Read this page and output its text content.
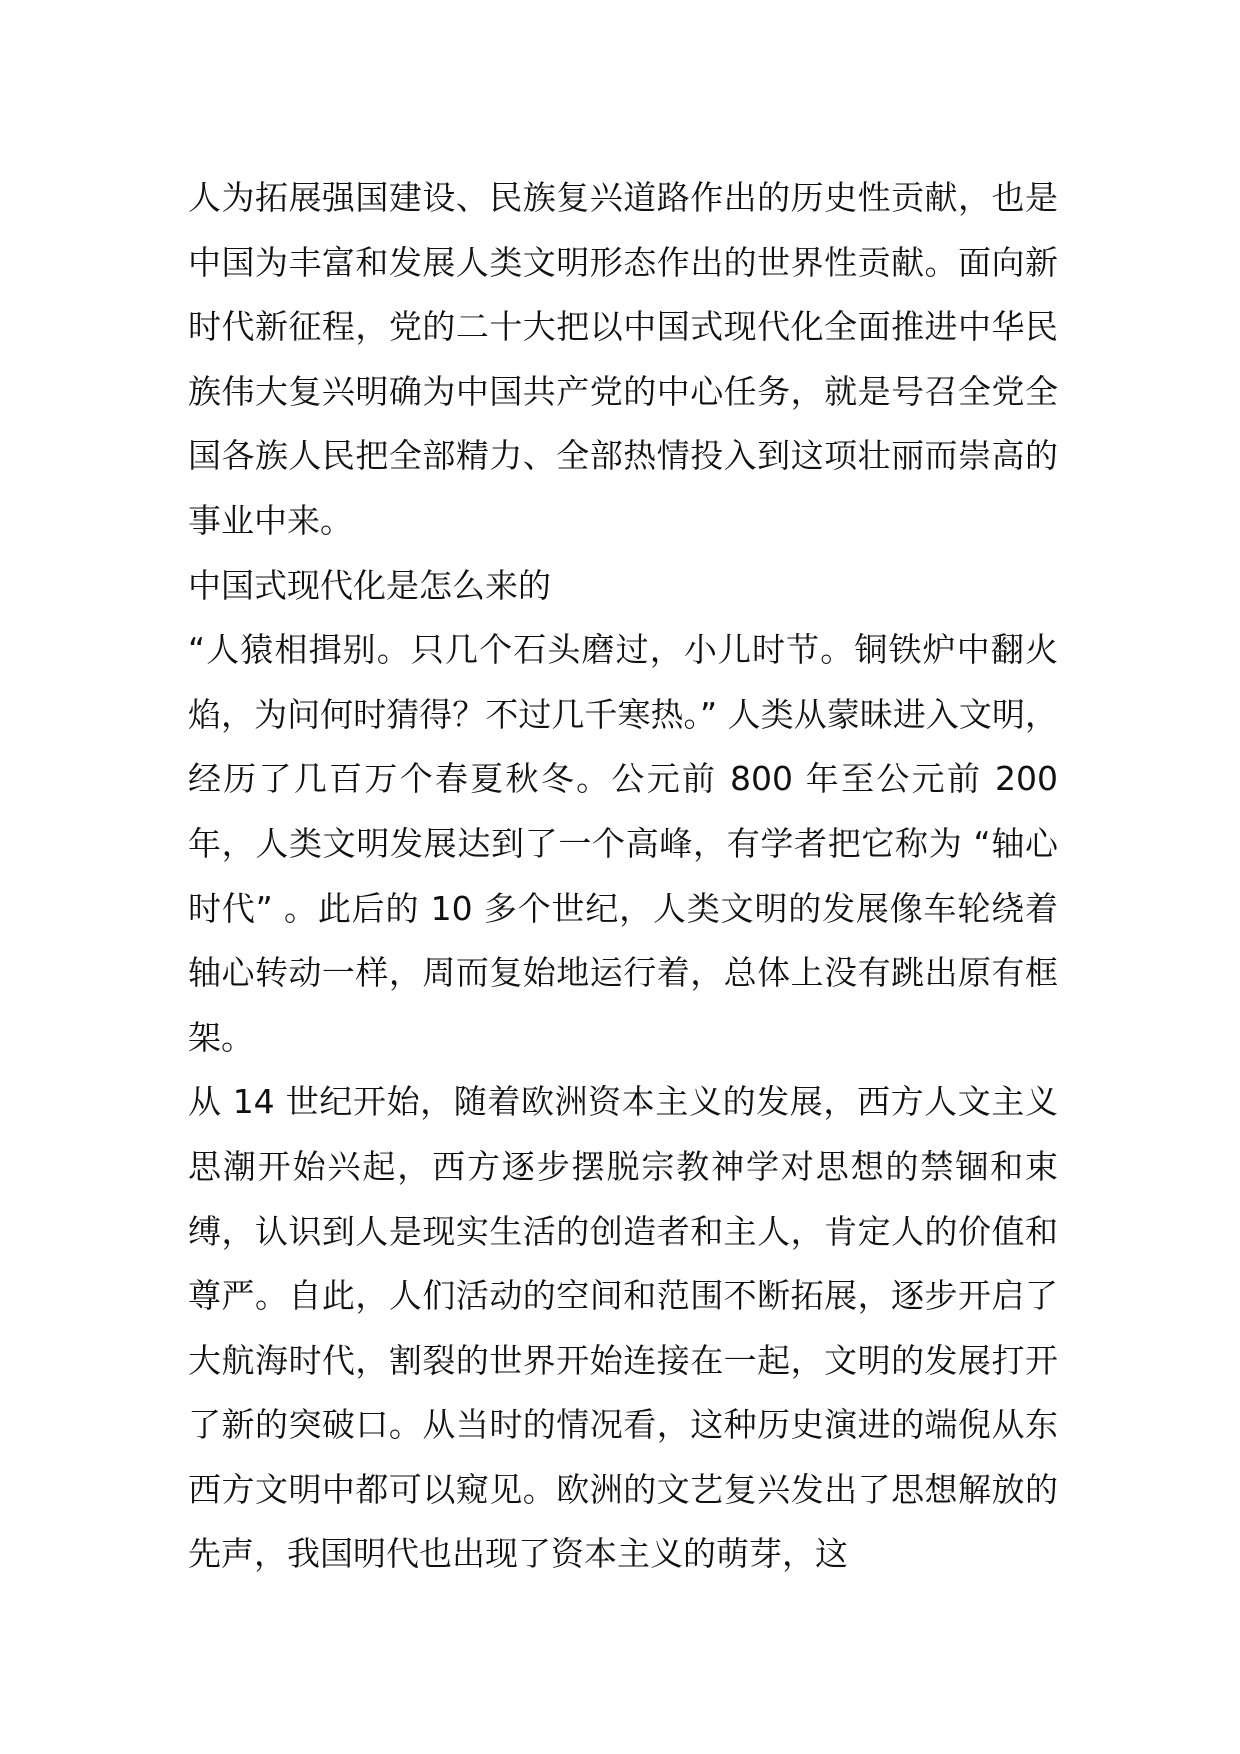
人为拓展强国建设、民族复兴道路作出的历史性贡献，也是中国为丰富和发展人类文明形态作出的世界性贡献。面向新时代新征程，党的二十大把以中国式现代化全面推进中华民族伟大复兴明确为中国共产党的中心任务，就是号召全党全国各族人民把全部精力、全部热情投入到这项壮丽而崇高的事业中来。

中国式现代化是怎么来的

“人猿相揖别。只几个石头磨过，小儿时节。铜铁炉中翻火焰，为问何时猜得？不过几千寒热。” 人类从蒙昧进入文明，经历了几百万个春夏秋冬。公元前 800 年至公元前 200 年，人类文明发展达到了一个高峰，有学者把它称为 “轴心时代” 。此后的 10 多个世纪，人类文明的发展像车轮绕着轴心转动一样，周而复始地运行着，总体上没有跳出原有框架。

从 14 世纪开始，随着欧洲资本主义的发展，西方人文主义思潮开始兴起，西方逐步摆脱宗教神学对思想的禁锢和束缚，认识到人是现实生活的创造者和主人，肯定人的价值和尊严。自此，人们活动的空间和范围不断拓展，逐步开启了大航海时代，割裂的世界开始连接在一起，文明的发展打开了新的突破口。从当时的情况看，这种历史演进的端倪从东西方文明中都可以窥见。欧洲的文艺复兴发出了思想解放的先声，我国明代也出现了资本主义的萌芽，这
